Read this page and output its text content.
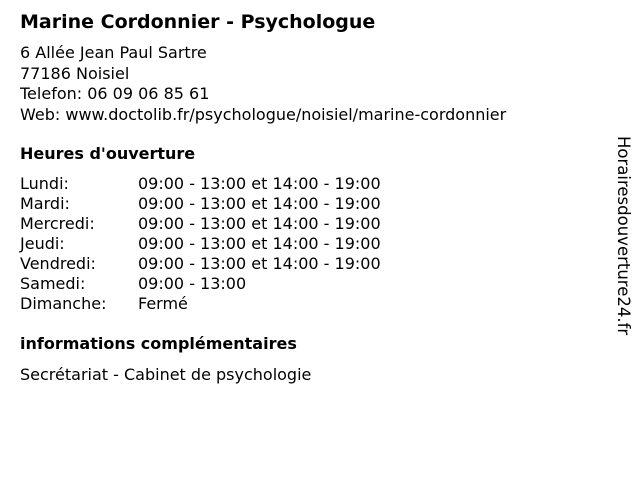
Marine Cordonnier - Psychologue
6 Allée Jean Paul Sartre
77186 Noisiel
Telefon: 06 09 06 85 61
Web: www.doctolib.fr/psychologue/noisiel/marine-cordonnier
Heures d'ouverture
Lundi:	09:00 - 13:00 et 14:00 - 19:00
Mardi:	09:00 - 13:00 et 14:00 - 19:00
Mercredi:	09:00 - 13:00 et 14:00 - 19:00
Jeudi:	09:00 - 13:00 et 14:00 - 19:00
Vendredi:	09:00 - 13:00 et 14:00 - 19:00
Samedi:	09:00 - 13:00
Dimanche:	Fermé
informations complémentaires
Secrétariat - Cabinet de psychologie
Horairesdouverture24.fr
